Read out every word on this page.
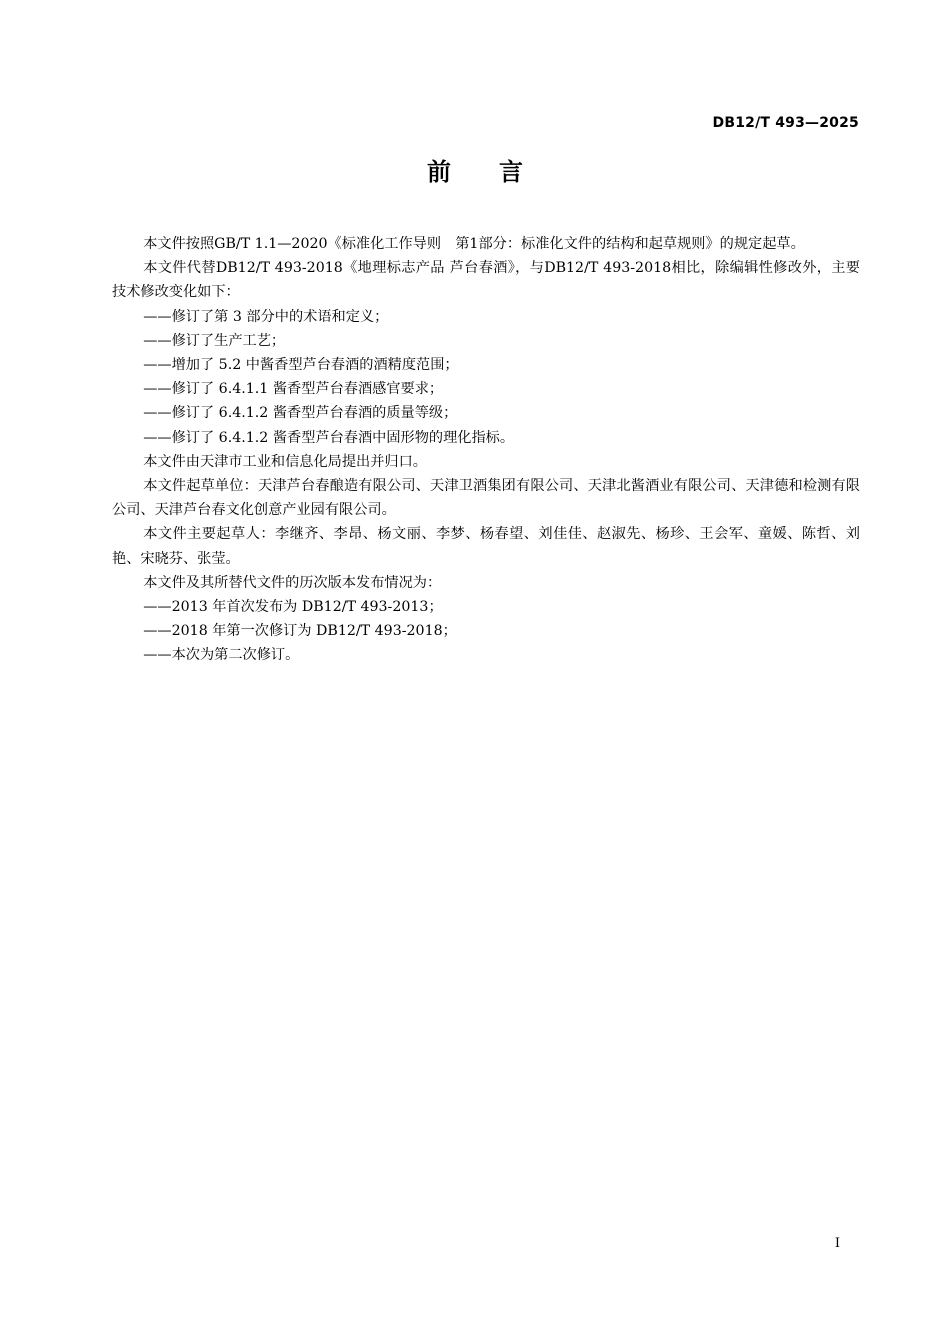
DB12/T 493—2025
前　　言

本文件按照GB/T 1.1—2020《标准化工作导则　第1部分：标准化文件的结构和起草规则》的规定起草。

本文件代替DB12/T 493-2018《地理标志产品 芦台春酒》，与DB12/T 493-2018相比，除编辑性修改外，主要技术修改变化如下：

——修订了第 3 部分中的术语和定义；

——修订了生产工艺；

——增加了 5.2 中酱香型芦台春酒的酒精度范围；

——修订了 6.4.1.1 酱香型芦台春酒感官要求；

——修订了 6.4.1.2 酱香型芦台春酒的质量等级；

——修订了 6.4.1.2 酱香型芦台春酒中固形物的理化指标。

本文件由天津市工业和信息化局提出并归口。

本文件起草单位：天津芦台春酿造有限公司、天津卫酒集团有限公司、天津北酱酒业有限公司、天津德和检测有限公司、天津芦台春文化创意产业园有限公司。

本文件主要起草人：李继齐、李昂、杨文丽、李梦、杨春望、刘佳佳、赵淑先、杨珍、王会军、童媛、陈哲、刘艳、宋晓芬、张莹。

本文件及其所替代文件的历次版本发布情况为：

——2013 年首次发布为 DB12/T 493-2013；

——2018 年第一次修订为 DB12/T 493-2018；

——本次为第二次修订。

I
